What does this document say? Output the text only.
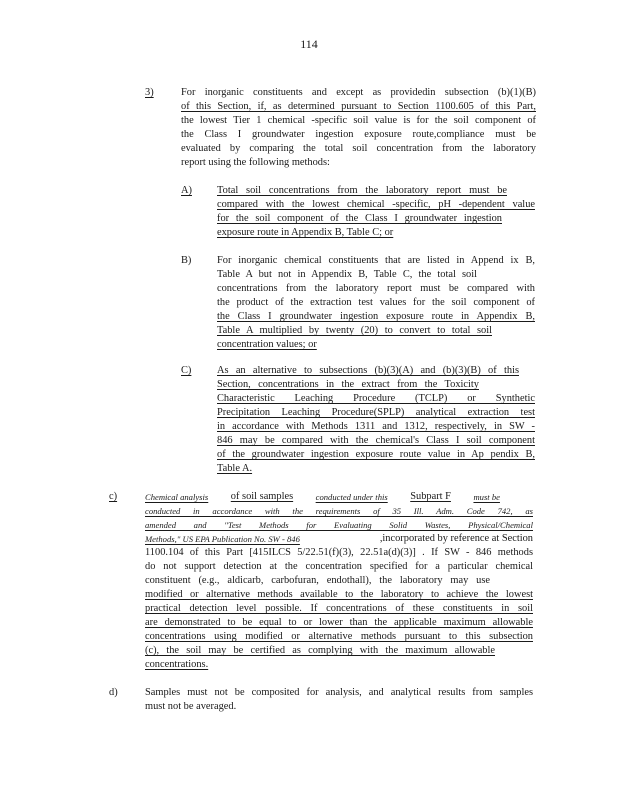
114
3)	For inorganic constituents and except as providedin subsection (b)(1)(B)

of this Section, if, as determined pursuant to Section 1100.605 of this Part,

the lowest Tier 1 chemical -specific soil value is for the soil component of

the Class I groundwater ingestion exposure route,compliance must be

evaluated by comparing the total soil concentration from the laboratory

report using the following methods:

A) Total soil concentrations from the laboratory report must be

compared with the lowest chemical -specific, pH -dependent value

for the soil component of the Class I groundwater ingestion

exposure route in Appendix B, Table C; or

B) For inorganic chemical constituents that are listed in Append ix B,

Table A but not in Appendix B, Table C, the total soil

concentrations from the laboratory report must be compared with

the product of the extraction test values for the soil component of

the Class I groundwater ingestion exposure route in Appendix B,

Table A multiplied by twenty (20) to convert to total soil

concentration values; or

C) As an alternative to subsections (b)(3)(A) and (b)(3)(B) of this

Section, concentrations in the extract from the Toxicity

Characteristic Leaching Procedure (TCLP) or Synthetic

Precipitation Leaching Procedure(SPLP) analytical extraction test

in accordance with Methods 1311 and 1312, respectively, in SW -

846 may be compared with the chemical's Class I soil component

of the groundwater ingestion exposure route value in Ap pendix B,

Table A.

c)	Chemical analysis of soil samples	conducted under this Subpart F	must be

conducted in accordance with the requirements of 35 Ill. Adm. Code 742, as

amended and "Test Methods for Evaluating Solid Wastes, Physical/Chemical

Methods," US EPA Publication No. SW - 846	,incorporated by reference at Section

1100.104 of this Part [415ILCS 5/22.51(f)(3), 22.51a(d)(3)] . If SW - 846 methods

do not support detection at the concentration specified for a particular chemical

constituent (e.g., aldicarb, carbofuran, endothall), the laboratory may use

modified or alternative methods available to the laboratory to achieve the lowest

practical detection level possible. If concentrations of these constituents in soil

are demonstrated to be equal to or lower than the applicable maximum allowable

concentrations using modified or alternative methods pursuant to this subsection

(c), the soil may be certified as complying with the maximum allowable

concentrations.

d)	Samples must not be composited for analysis, and analytical results from samples

must not be averaged.
